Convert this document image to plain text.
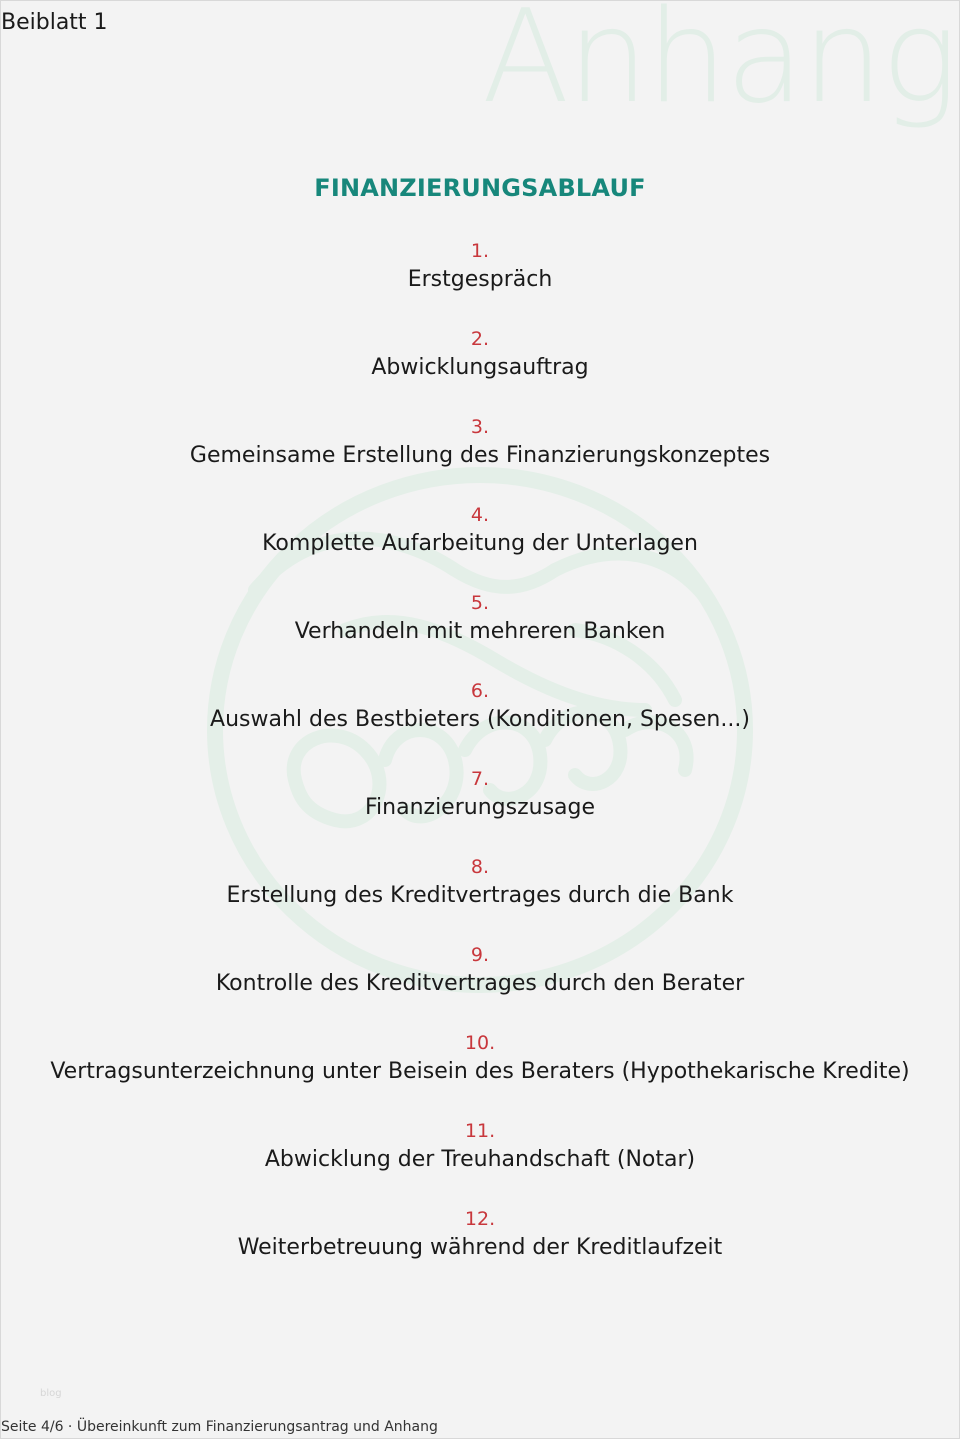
Anhang
Beiblatt 1
FINANZIERUNGSABLAUF
1.
Erstgespräch
2.
Abwicklungsauftrag
3.
Gemeinsame Erstellung des Finanzierungskonzeptes
4.
Komplette Aufarbeitung der Unterlagen
5.
Verhandeln mit mehreren Banken
6.
Auswahl des Bestbieters (Konditionen, Spesen...)
7.
Finanzierungszusage
8.
Erstellung des Kreditvertrages durch die Bank
9.
Kontrolle des Kreditvertrages durch den Berater
10.
Vertragsunterzeichnung unter Beisein des Beraters (Hypothekarische Kredite)
11.
Abwicklung der Treuhandschaft (Notar)
12.
Weiterbetreuung während der Kreditlaufzeit
blog
Seite 4/6 · Übereinkunft zum Finanzierungsantrag und Anhang
